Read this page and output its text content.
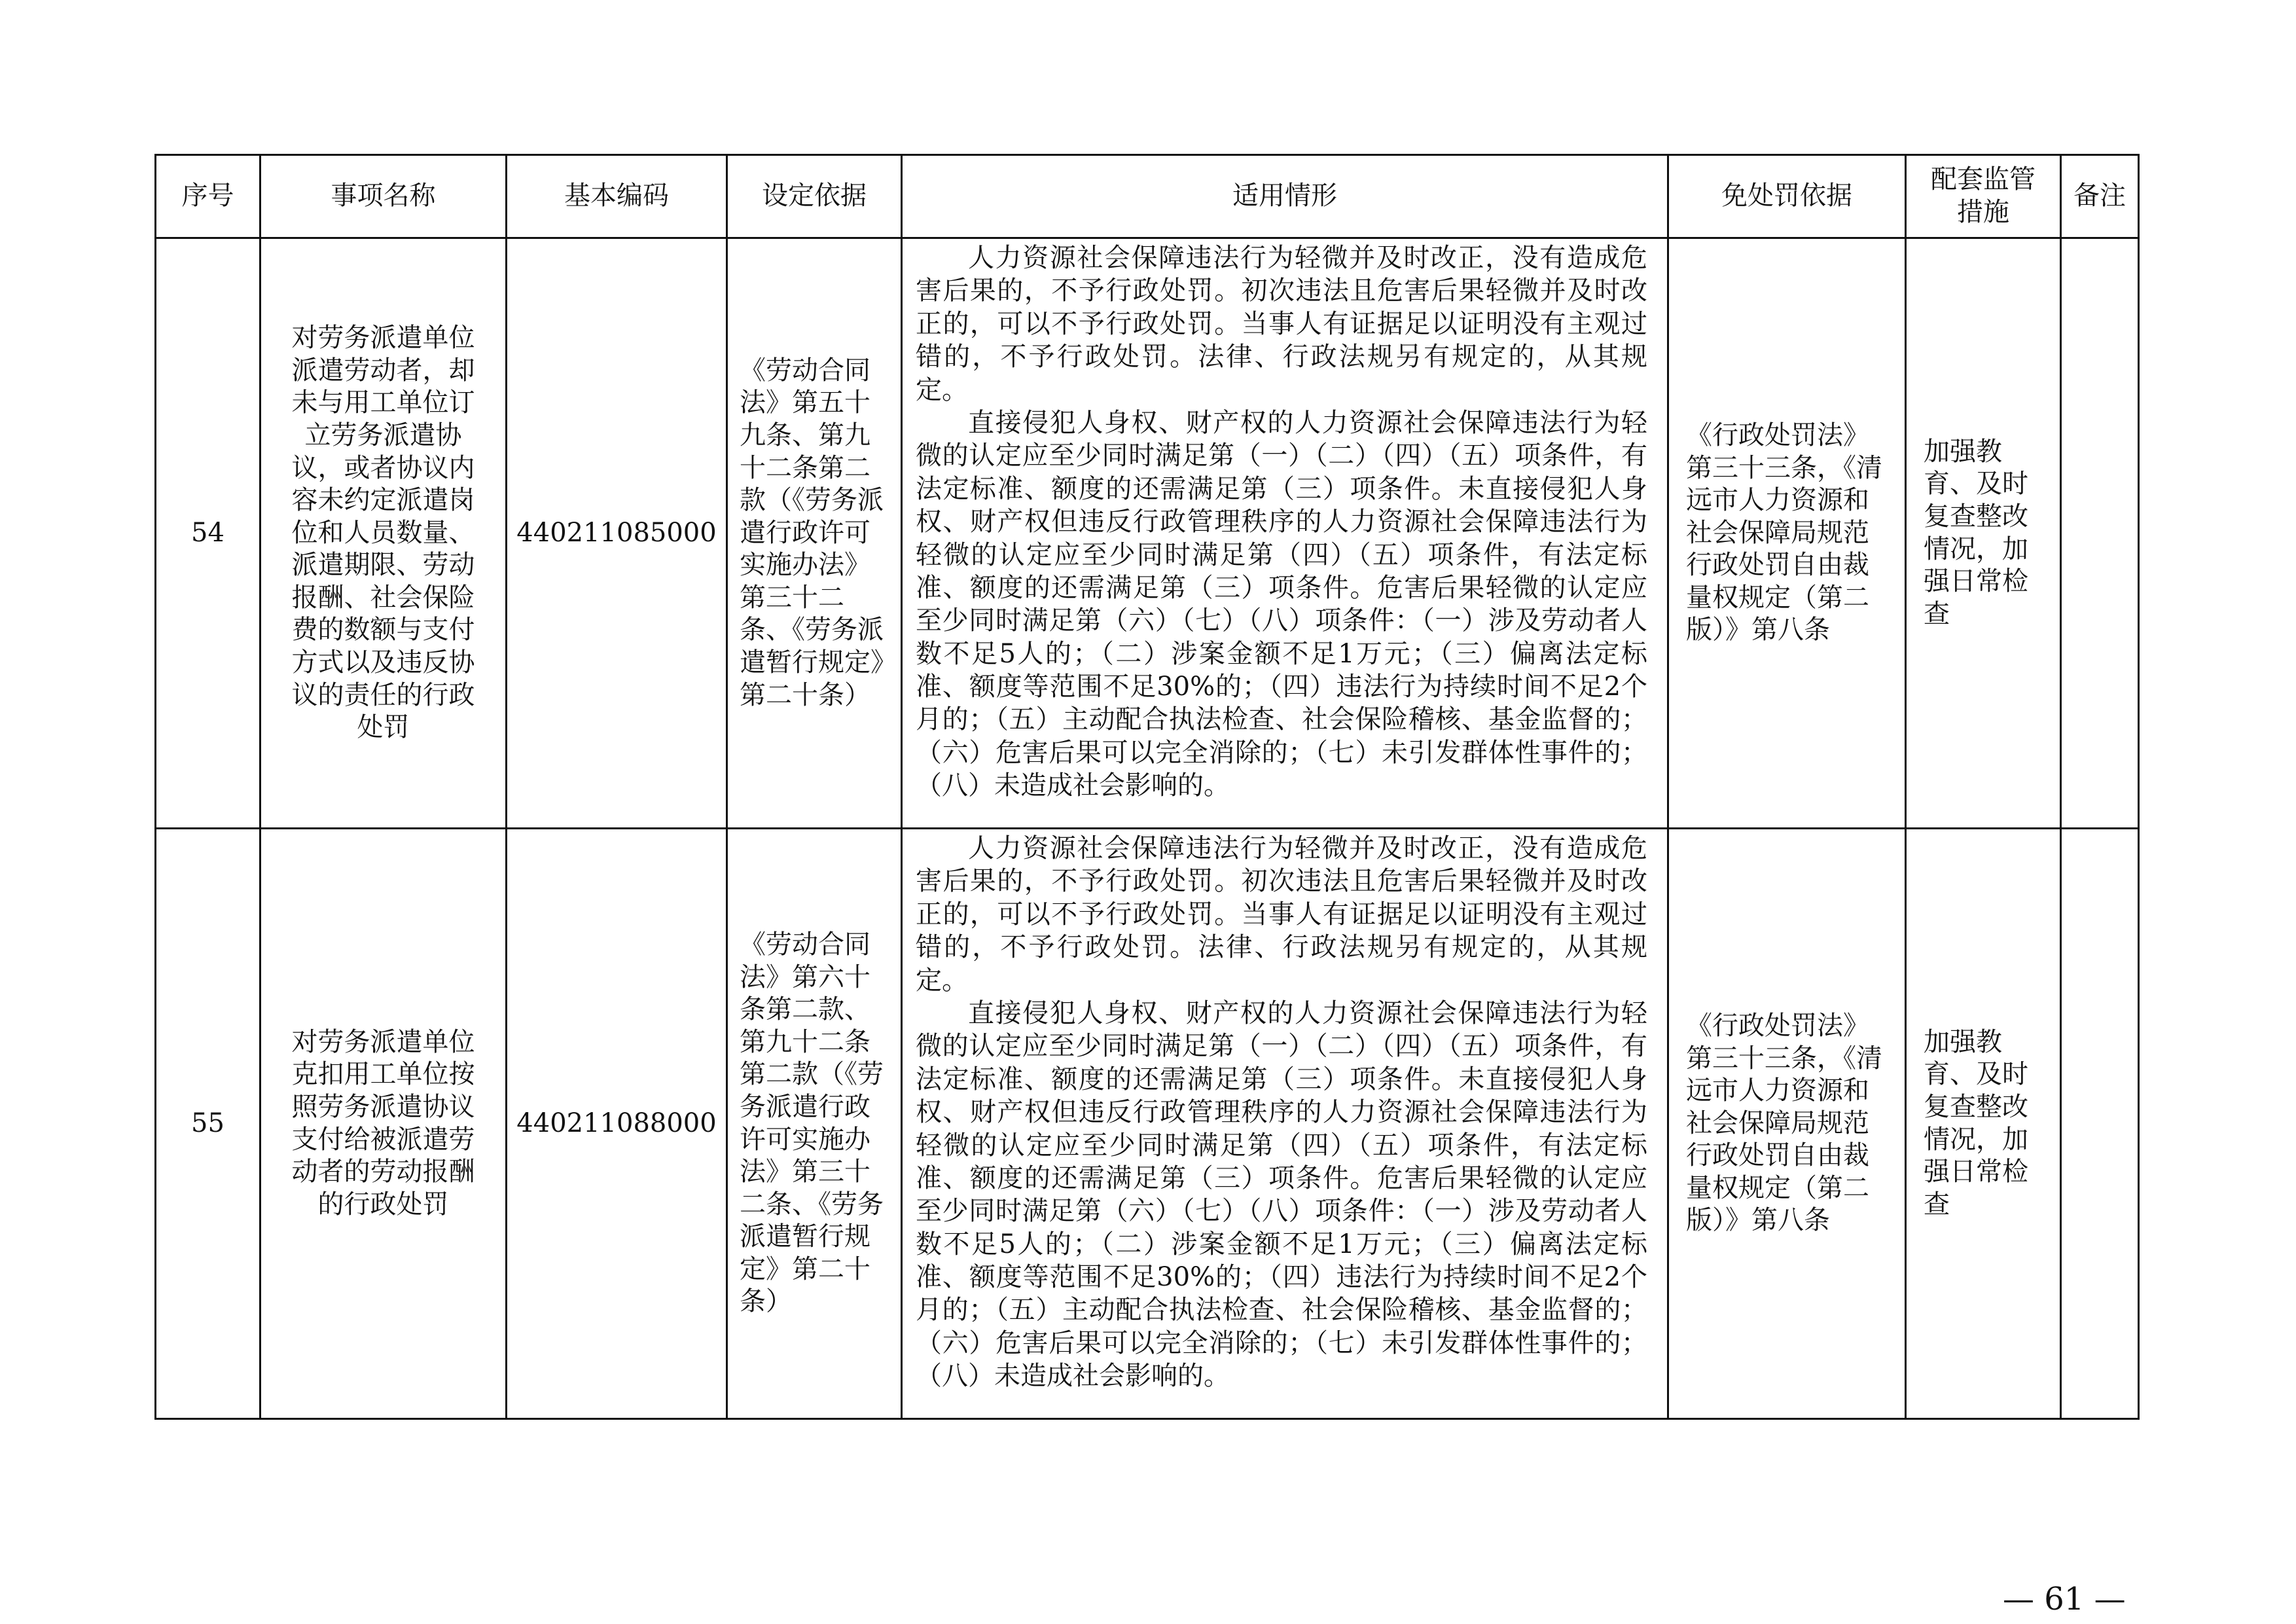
序号	事项名称	基本编码	设定依据	适用情形	免处罚依据	配套监管措施	备注
54	对劳务派遣单位派遣劳动者，却未与用工单位订立劳务派遣协议，或者协议内容未约定派遣岗位和人员数量、派遣期限、劳动报酬、社会保险费的数额与支付方式以及违反协议的责任的行政处罚	440211085000	《劳动合同法》第五十九条、第九十二条第二款（《劳务派遣行政许可实施办法》第三十二条、《劳务派遣暂行规定》第二十条）	人力资源社会保障违法行为轻微并及时改正，没有造成危害后果的，不予行政处罚。初次违法且危害后果轻微并及时改正的，可以不予行政处罚。当事人有证据足以证明没有主观过错的，不予行政处罚。法律、行政法规另有规定的，从其规定。

直接侵犯人身权、财产权的人力资源社会保障违法行为轻微的认定应至少同时满足第（一）（二）（四）（五）项条件，有法定标准、额度的还需满足第（三）项条件。未直接侵犯人身权、财产权但违反行政管理秩序的人力资源社会保障违法行为轻微的认定应至少同时满足第（四）（五）项条件，有法定标准、额度的还需满足第（三）项条件。危害后果轻微的认定应至少同时满足第（六）（七）（八）项条件：（一）涉及劳动者人数不足5人的；（二）涉案金额不足1万元；（三）偏离法定标准、额度等范围不足30%的；（四）违法行为持续时间不足2个月的；（五）主动配合执法检查、社会保险稽核、基金监督的；（六）危害后果可以完全消除的；（七）未引发群体性事件的；（八）未造成社会影响的。	《行政处罚法》第三十三条，《清远市人力资源和社会保障局规范行政处罚自由裁量权规定（第二版）》第八条	加强教育、及时复查整改情况，加强日常检查	
55	对劳务派遣单位克扣用工单位按照劳务派遣协议支付给被派遣劳动者的劳动报酬的行政处罚	440211088000	《劳动合同法》第六十条第二款、第九十二条第二款（《劳务派遣行政许可实施办法》第三十二条、《劳务派遣暂行规定》第二十条）	人力资源社会保障违法行为轻微并及时改正，没有造成危害后果的，不予行政处罚。初次违法且危害后果轻微并及时改正的，可以不予行政处罚。当事人有证据足以证明没有主观过错的，不予行政处罚。法律、行政法规另有规定的，从其规定。

直接侵犯人身权、财产权的人力资源社会保障违法行为轻微的认定应至少同时满足第（一）（二）（四）（五）项条件，有法定标准、额度的还需满足第（三）项条件。未直接侵犯人身权、财产权但违反行政管理秩序的人力资源社会保障违法行为轻微的认定应至少同时满足第（四）（五）项条件，有法定标准、额度的还需满足第（三）项条件。危害后果轻微的认定应至少同时满足第（六）（七）（八）项条件：（一）涉及劳动者人数不足5人的；（二）涉案金额不足1万元；（三）偏离法定标准、额度等范围不足30%的；（四）违法行为持续时间不足2个月的；（五）主动配合执法检查、社会保险稽核、基金监督的；（六）危害后果可以完全消除的；（七）未引发群体性事件的；（八）未造成社会影响的。	《行政处罚法》第三十三条，《清远市人力资源和社会保障局规范行政处罚自由裁量权规定（第二版）》第八条	加强教育、及时复查整改情况，加强日常检查	
— 61 —
